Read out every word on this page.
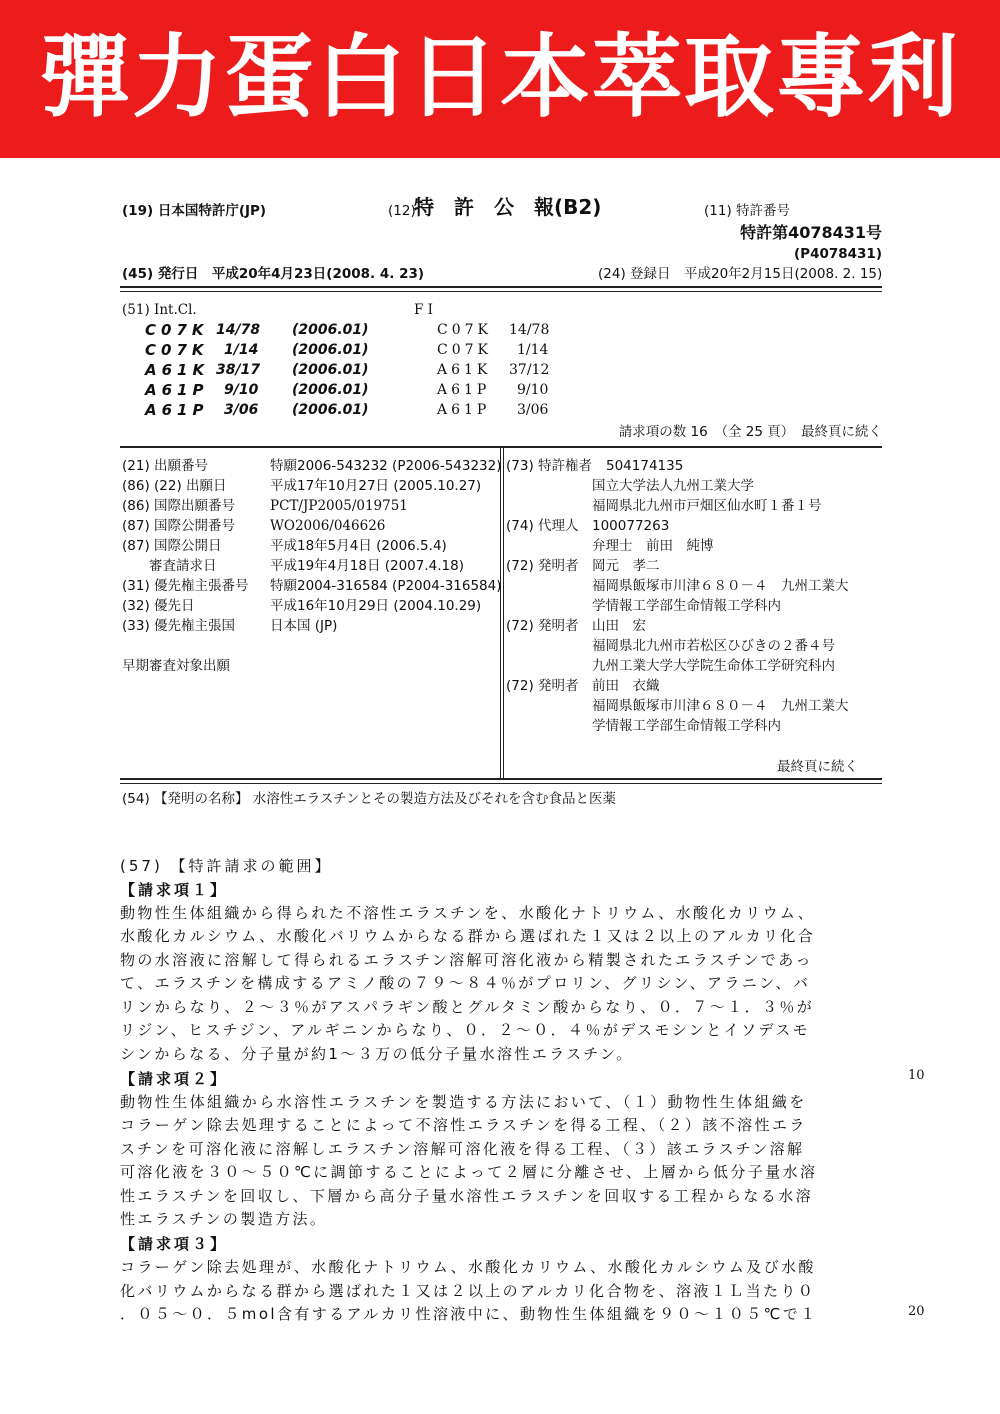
彈力蛋白日本萃取專利
(19) 日本国特許庁(JP)	(12)
特　許　公　報(B2)	(11) 特許番号
特許第4078431号
(P4078431)
(45) 発行日　平成20年4月23日(2008. 4. 23)	(24) 登録日　平成20年2月15日(2008. 2. 15)
(51) Int.Cl.	F I
C07K 14/78 (2006.01)	C07K 14/78
C07K 1/14 (2006.01)	C07K 1/14
A61K 38/17 (2006.01)	A61K 37/12
A61P 9/10 (2006.01)	A61P 9/10
A61P 3/06 (2006.01)	A61P 3/06
請求項の数 16　（全 25 頁）　最終頁に続く
(21) 出願番号	特願2006-543232 (P2006-543232)
(86) (22) 出願日	平成17年10月27日 (2005.10.27)
(86) 国際出願番号	PCT/JP2005/019751
(87) 国際公開番号	WO2006/046626
(87) 国際公開日	平成18年5月4日 (2006.5.4)
　　審査請求日	平成19年4月18日 (2007.4.18)
(31) 優先権主張番号 特願2004-316584 (P2004-316584)
(32) 優先日	平成16年10月29日 (2004.10.29)
(33) 優先権主張国	日本国 (JP)
早期審査対象出願
(73) 特許権者 504174135
国立大学法人九州工業大学
福岡県北九州市戸畑区仙水町１番１号
(74) 代理人 100077263
弁理士　前田　純博
(72) 発明者 岡元　孝二
福岡県飯塚市川津６８０－４　九州工業大
学情報工学部生命情報工学科内
(72) 発明者 山田　宏
福岡県北九州市若松区ひびきの２番４号
九州工業大学大学院生命体工学研究科内
(72) 発明者 前田　衣織
福岡県飯塚市川津６８０－４　九州工業大
学情報工学部生命情報工学科内
最終頁に続く
(54) 【発明の名称】 水溶性エラスチンとその製造方法及びそれを含む食品と医薬
(57) 【特許請求の範囲】
【請求項１】
動物性生体組織から得られた不溶性エラスチンを、水酸化ナトリウム、水酸化カリウム、
水酸化カルシウム、水酸化バリウムからなる群から選ばれた１又は２以上のアルカリ化合
物の水溶液に溶解して得られるエラスチン溶解可溶化液から精製されたエラスチンであっ
て、エラスチンを構成するアミノ酸の７９～８４％がプロリン、グリシン、アラニン、バ
リンからなり、２～３％がアスパラギン酸とグルタミン酸からなり、０．７～１．３％が
リジン、ヒスチジン、アルギニンからなり、０．２～０．４％がデスモシンとイソデスモ
シンからなる、分子量が約1～３万の低分子量水溶性エラスチン。
【請求項２】
動物性生体組織から水溶性エラスチンを製造する方法において、（１）動物性生体組織を
コラーゲン除去処理することによって不溶性エラスチンを得る工程、（２）該不溶性エラ
スチンを可溶化液に溶解しエラスチン溶解可溶化液を得る工程、（３）該エラスチン溶解
可溶化液を３０～５０℃に調節することによって２層に分離させ、上層から低分子量水溶
性エラスチンを回収し、下層から高分子量水溶性エラスチンを回収する工程からなる水溶
性エラスチンの製造方法。
【請求項３】
コラーゲン除去処理が、水酸化ナトリウム、水酸化カリウム、水酸化カルシウム及び水酸
化バリウムからなる群から選ばれた１又は２以上のアルカリ化合物を、溶液１Ｌ当たり０
．０５～０．５mol含有するアルカリ性溶液中に、動物性生体組織を９０～１０５℃で１
10
20
